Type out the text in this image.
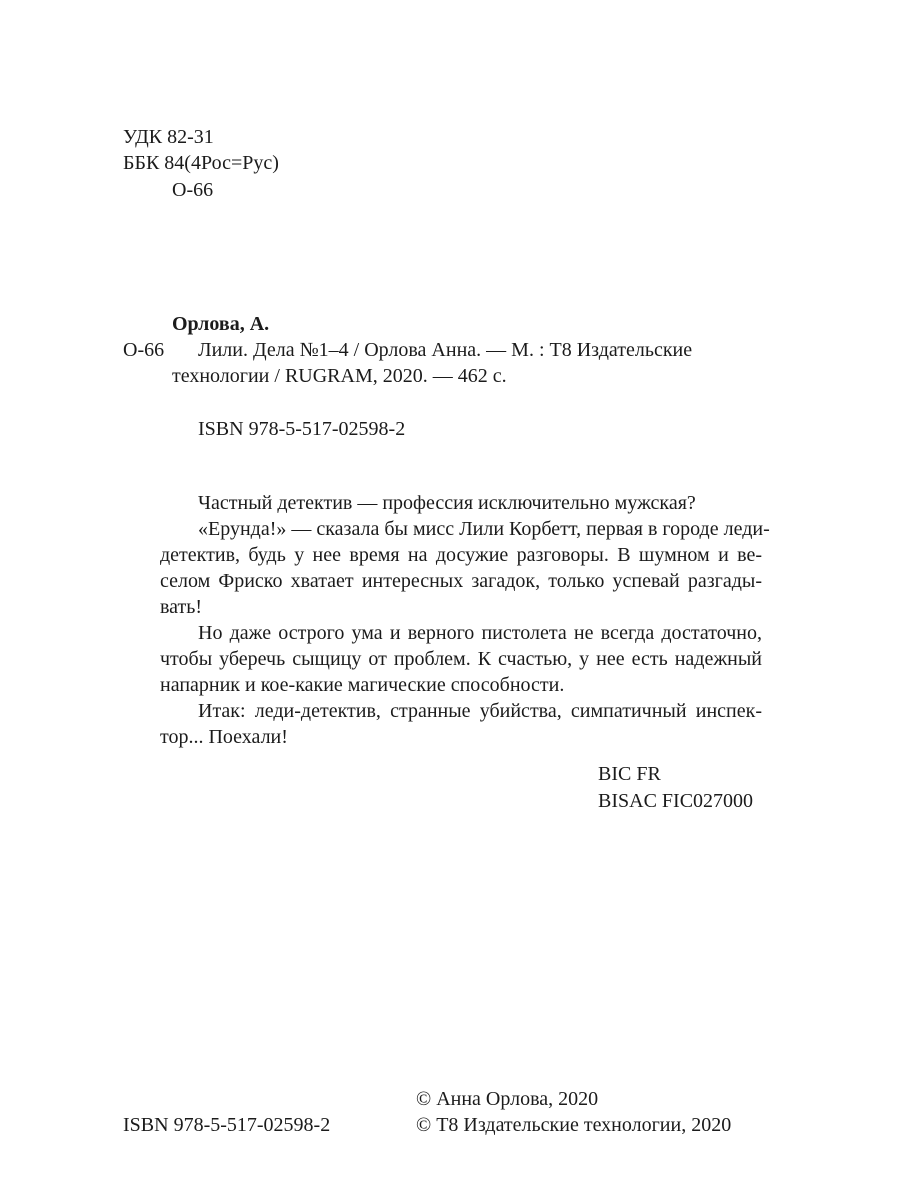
УДК 82-31
ББК 84(4Рос=Рус)
О-66
Орлова, А.
О-66 Лили. Дела №1–4 / Орлова Анна. — М. : Т8 Издательские
технологии / RUGRAM, 2020. — 462 с.
ISBN 978-5-517-02598-2
Частный детектив — профессия исключительно мужская?
«Ерунда!» — сказала бы мисс Лили Корбетт, первая в городе леди-
детектив, будь у нее время на досужие разговоры. В шумном и ве-
селом Фриско хватает интересных загадок, только успевай разгады-
вать!
Но даже острого ума и верного пистолета не всегда достаточно,
чтобы уберечь сыщицу от проблем. К счастью, у нее есть надежный
напарник и кое-какие магические способности.
Итак: леди-детектив, странные убийства, симпатичный инспек-
тор... Поехали!
BIC FR
BISAC FIC027000
© Анна Орлова, 2020
ISBN 978-5-517-02598-2	© Т8 Издательские технологии, 2020
